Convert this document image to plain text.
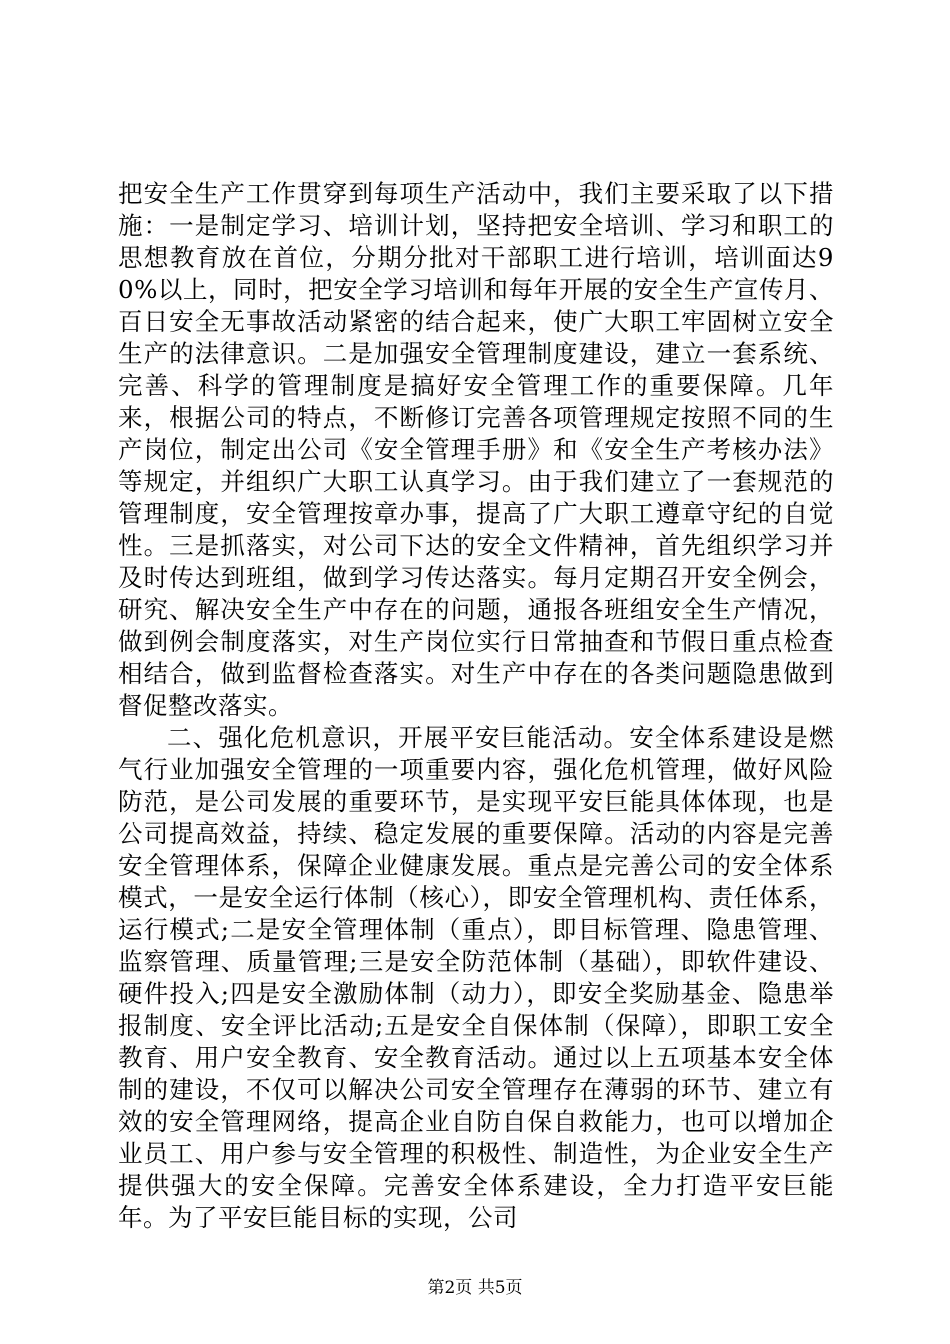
把安全生产工作贯穿到每项生产活动中，我们主要采取了以下措施：一是制定学习、培训计划，坚持把安全培训、学习和职工的思想教育放在首位，分期分批对干部职工进行培训，培训面达90%以上，同时，把安全学习培训和每年开展的安全生产宣传月、百日安全无事故活动紧密的结合起来，使广大职工牢固树立安全生产的法律意识。二是加强安全管理制度建设，建立一套系统、完善、科学的管理制度是搞好安全管理工作的重要保障。几年来，根据公司的特点，不断修订完善各项管理规定按照不同的生产岗位，制定出公司《安全管理手册》和《安全生产考核办法》等规定，并组织广大职工认真学习。由于我们建立了一套规范的管理制度，安全管理按章办事，提高了广大职工遵章守纪的自觉性。三是抓落实，对公司下达的安全文件精神，首先组织学习并及时传达到班组，做到学习传达落实。每月定期召开安全例会，研究、解决安全生产中存在的问题，通报各班组安全生产情况，做到例会制度落实，对生产岗位实行日常抽查和节假日重点检查相结合，做到监督检查落实。对生产中存在的各类问题隐患做到督促整改落实。

二、强化危机意识，开展平安巨能活动。安全体系建设是燃气行业加强安全管理的一项重要内容，强化危机管理，做好风险防范，是公司发展的重要环节，是实现平安巨能具体体现，也是公司提高效益，持续、稳定发展的重要保障。活动的内容是完善安全管理体系，保障企业健康发展。重点是完善公司的安全体系模式，一是安全运行体制（核心），即安全管理机构、责任体系，运行模式;二是安全管理体制（重点），即目标管理、隐患管理、监察管理、质量管理;三是安全防范体制（基础），即软件建设、硬件投入;四是安全激励体制（动力），即安全奖励基金、隐患举报制度、安全评比活动;五是安全自保体制（保障），即职工安全教育、用户安全教育、安全教育活动。通过以上五项基本安全体制的建设，不仅可以解决公司安全管理存在薄弱的环节、建立有效的安全管理网络，提高企业自防自保自救能力，也可以增加企业员工、用户参与安全管理的积极性、制造性，为企业安全生产提供强大的安全保障。完善安全体系建设，全力打造平安巨能年。为了平安巨能目标的实现，公司

第2页 共5页
